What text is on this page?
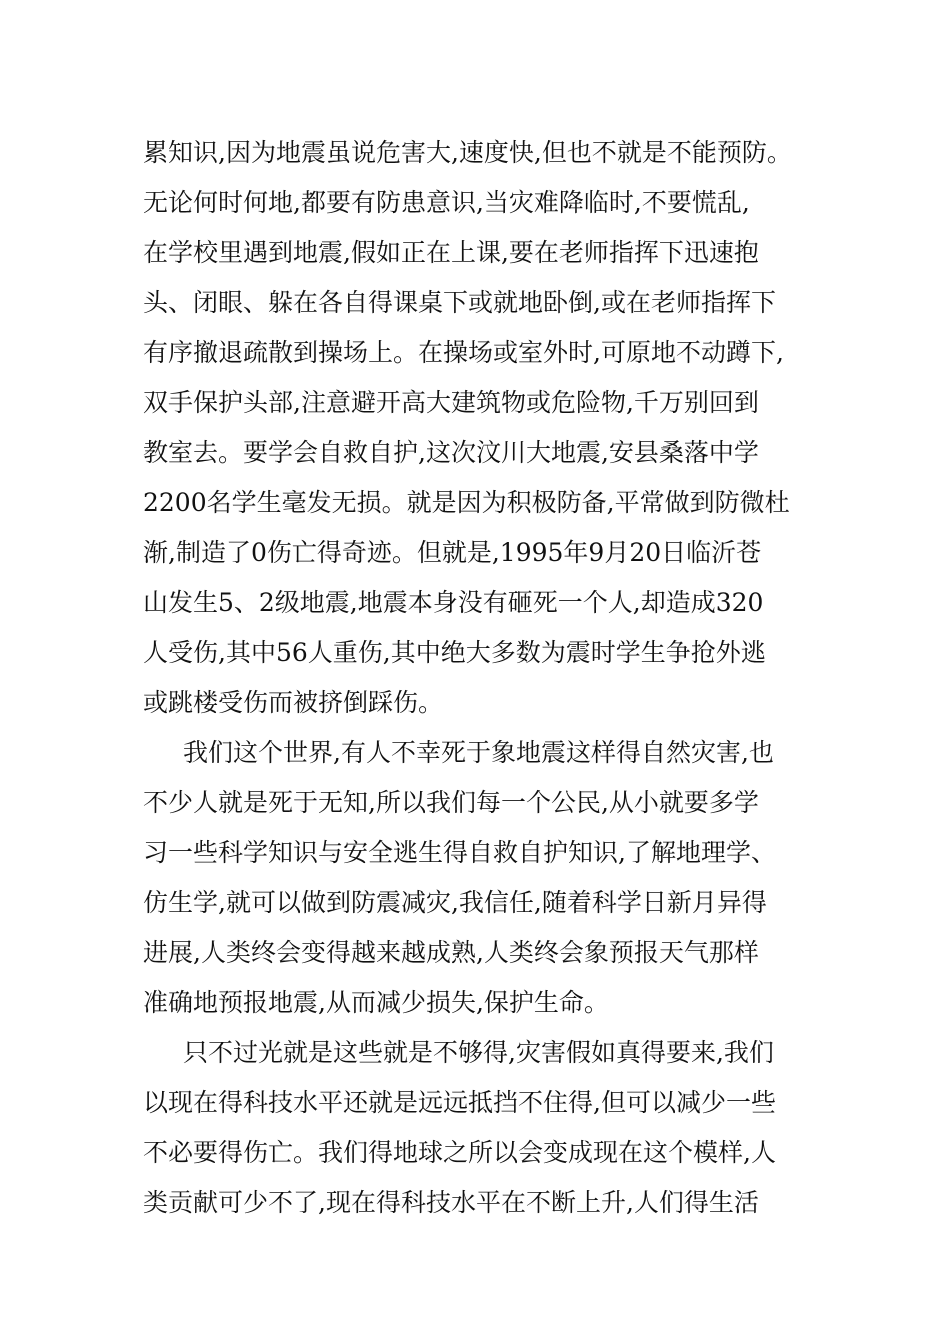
累知识,因为地震虽说危害大,速度快,但也不就是不能预防。
无论何时何地,都要有防患意识,当灾难降临时,不要慌乱,
在学校里遇到地震,假如正在上课,要在老师指挥下迅速抱
头、闭眼、躲在各自得课桌下或就地卧倒,或在老师指挥下
有序撤退疏散到操场上。在操场或室外时,可原地不动蹲下,
双手保护头部,注意避开高大建筑物或危险物,千万别回到
教室去。要学会自救自护,这次汶川大地震,安县桑落中学
2200名学生毫发无损。就是因为积极防备,平常做到防微杜
渐,制造了0伤亡得奇迹。但就是,1995年9月20日临沂苍
山发生5、2级地震,地震本身没有砸死一个人,却造成320
人受伤,其中56人重伤,其中绝大多数为震时学生争抢外逃
或跳楼受伤而被挤倒踩伤。
我们这个世界,有人不幸死于象地震这样得自然灾害,也
不少人就是死于无知,所以我们每一个公民,从小就要多学
习一些科学知识与安全逃生得自救自护知识,了解地理学、
仿生学,就可以做到防震减灾,我信任,随着科学日新月异得
进展,人类终会变得越来越成熟,人类终会象预报天气那样
准确地预报地震,从而减少损失,保护生命。
只不过光就是这些就是不够得,灾害假如真得要来,我们
以现在得科技水平还就是远远抵挡不住得,但可以减少一些
不必要得伤亡。我们得地球之所以会变成现在这个模样,人
类贡献可少不了,现在得科技水平在不断上升,人们得生活
